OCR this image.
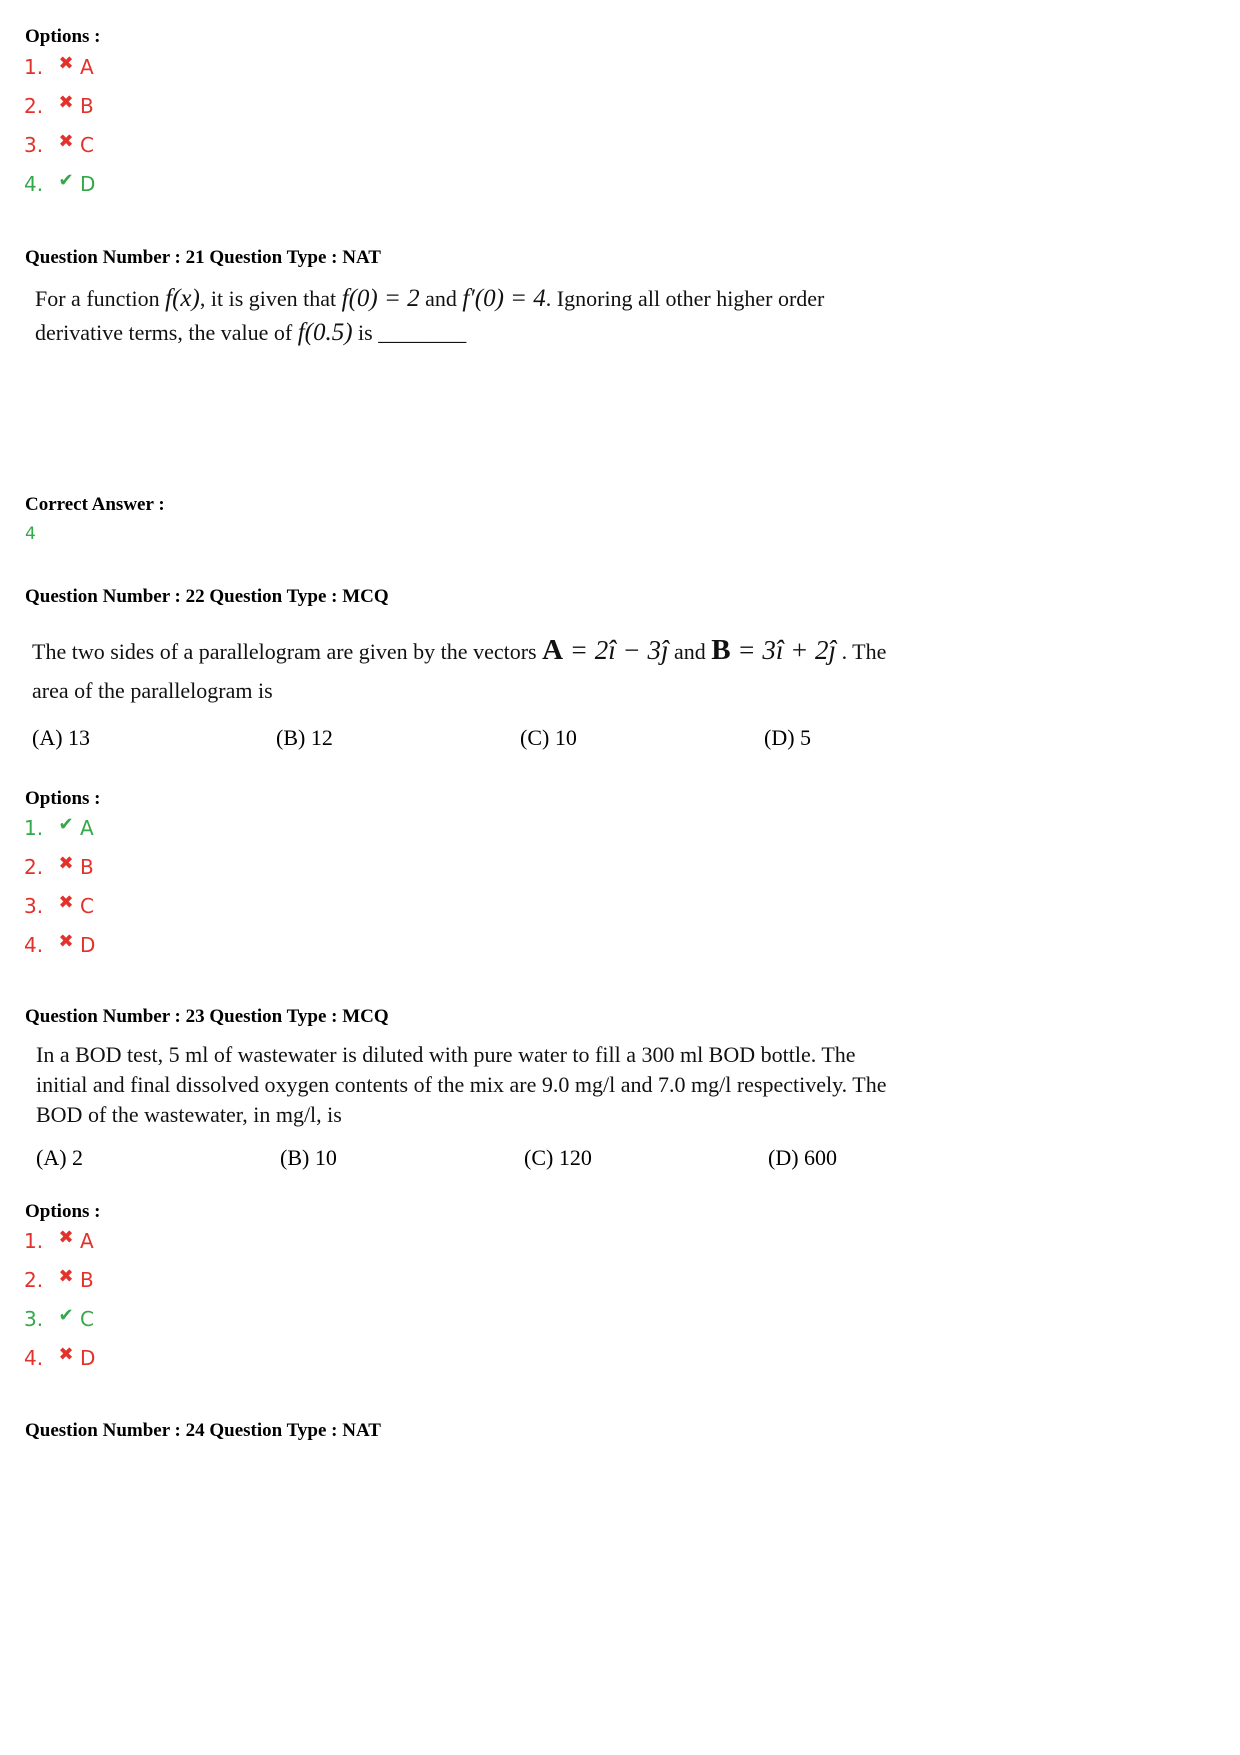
Options :
1. ✖ A
2. ✖ B
3. ✖ C
4. ✔ D
Question Number : 21 Question Type : NAT
For a function f(x), it is given that f(0) = 2 and f′(0) = 4. Ignoring all other higher order
derivative terms, the value of f(0.5) is ________
Correct Answer :
4
Question Number : 22 Question Type : MCQ
The two sides of a parallelogram are given by the vectors A = 2î − 3ĵ and B = 3î + 2ĵ . The
area of the parallelogram is
(A) 13	(B) 12	(C) 10	(D) 5
Options :
1. ✔ A
2. ✖ B
3. ✖ C
4. ✖ D
Question Number : 23 Question Type : MCQ
In a BOD test, 5 ml of wastewater is diluted with pure water to fill a 300 ml BOD bottle. The
initial and final dissolved oxygen contents of the mix are 9.0 mg/l and 7.0 mg/l respectively. The
BOD of the wastewater, in mg/l, is
(A) 2	(B) 10	(C) 120	(D) 600
Options :
1. ✖ A
2. ✖ B
3. ✔ C
4. ✖ D
Question Number : 24 Question Type : NAT
